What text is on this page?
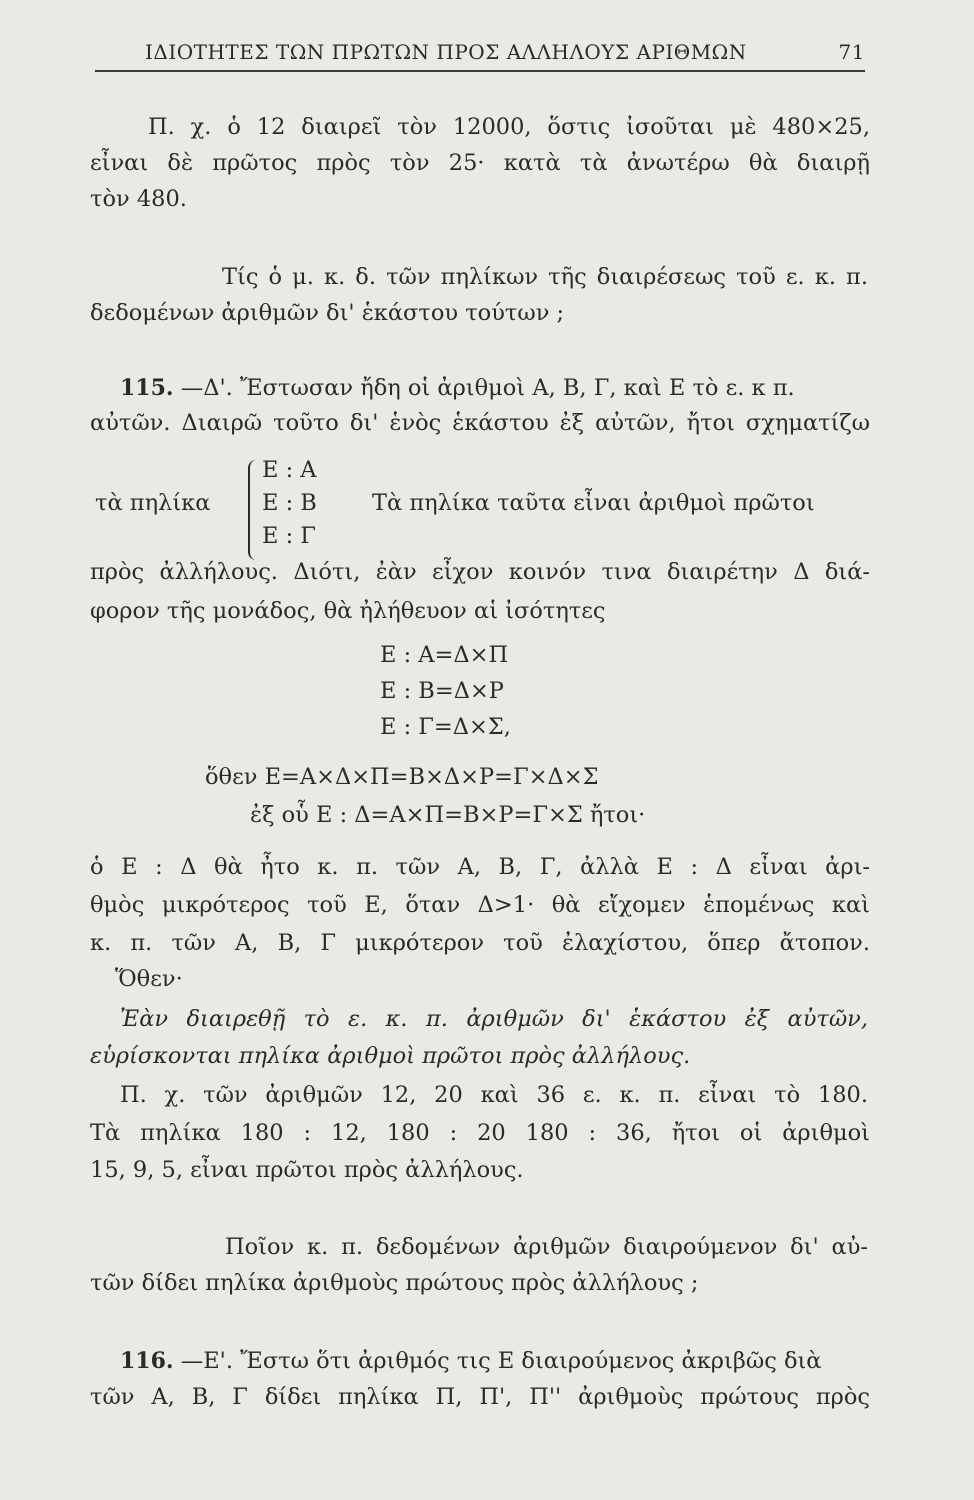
ΙΔΙΟΤΗΤΕΣ ΤΩΝ ΠΡΩΤΩΝ ΠΡΟΣ ΑΛΛΗΛΟΥΣ ΑΡΙΘΜΩΝ	71
Π. χ. ὁ 12 διαιρεῖ τὸν 12000, ὅστις ἰσοῦται μὲ 480×25,
εἶναι δὲ πρῶτος πρὸς τὸν 25· κατὰ τὰ ἀνωτέρω θὰ διαιρῇ
τὸν 480.
Τίς ὁ μ. κ. δ. τῶν πηλίκων τῆς διαιρέσεως τοῦ ε. κ. π.
δεδομένων ἀριθμῶν δι' ἑκάστου τούτων ;
115. —Δ'. Ἔστωσαν ἤδη οἱ ἀριθμοὶ Α, Β, Γ, καὶ Ε τὸ ε. κ π.
αὐτῶν. Διαιρῶ τοῦτο δι' ἑνὸς ἑκάστου ἐξ αὐτῶν, ἤτοι σχηματίζω
τὰ πηλίκα
Ε : Α
Ε : Β
Ε : Γ
Τὰ πηλίκα ταῦτα εἶναι ἀριθμοὶ πρῶτοι
πρὸς ἀλλήλους. Διότι, ἐὰν εἶχον κοινόν τινα διαιρέτην Δ διά-
φορον τῆς μονάδος, θὰ ἠλήθευον αἱ ἰσότητες
Ε : Α=Δ×Π
Ε : Β=Δ×Ρ
Ε : Γ=Δ×Σ,
ὅθεν Ε=Α×Δ×Π=Β×Δ×Ρ=Γ×Δ×Σ
ἐξ οὗ Ε : Δ=Α×Π=Β×Ρ=Γ×Σ ἤτοι·
ὁ Ε : Δ θὰ ἦτο κ. π. τῶν Α, Β, Γ, ἀλλὰ Ε : Δ εἶναι ἀρι-
θμὸς μικρότερος τοῦ Ε, ὅταν Δ>1· θὰ εἴχομεν ἑπομένως καὶ
κ. π. τῶν Α, Β, Γ μικρότερον τοῦ ἐλαχίστου, ὅπερ ἄτοπον.
Ὅθεν·
Ἐὰν διαιρεθῇ τὸ ε. κ. π. ἀριθμῶν δι' ἑκάστου ἐξ αὐτῶν,
εὑρίσκονται πηλίκα ἀριθμοὶ πρῶτοι πρὸς ἀλλήλους.
Π. χ. τῶν ἀριθμῶν 12, 20 καὶ 36 ε. κ. π. εἶναι τὸ 180.
Τὰ πηλίκα 180 : 12, 180 : 20 180 : 36, ἤτοι οἱ ἀριθμοὶ
15, 9, 5, εἶναι πρῶτοι πρὸς ἀλλήλους.
Ποῖον κ. π. δεδομένων ἀριθμῶν διαιρούμενον δι' αὐ-
τῶν δίδει πηλίκα ἀριθμοὺς πρώτους πρὸς ἀλλήλους ;
116. —Ε'. Ἔστω ὅτι ἀριθμός τις Ε διαιρούμενος ἀκριβῶς διὰ
τῶν Α, Β, Γ δίδει πηλίκα Π, Π', Π'' ἀριθμοὺς πρώτους πρὸς
